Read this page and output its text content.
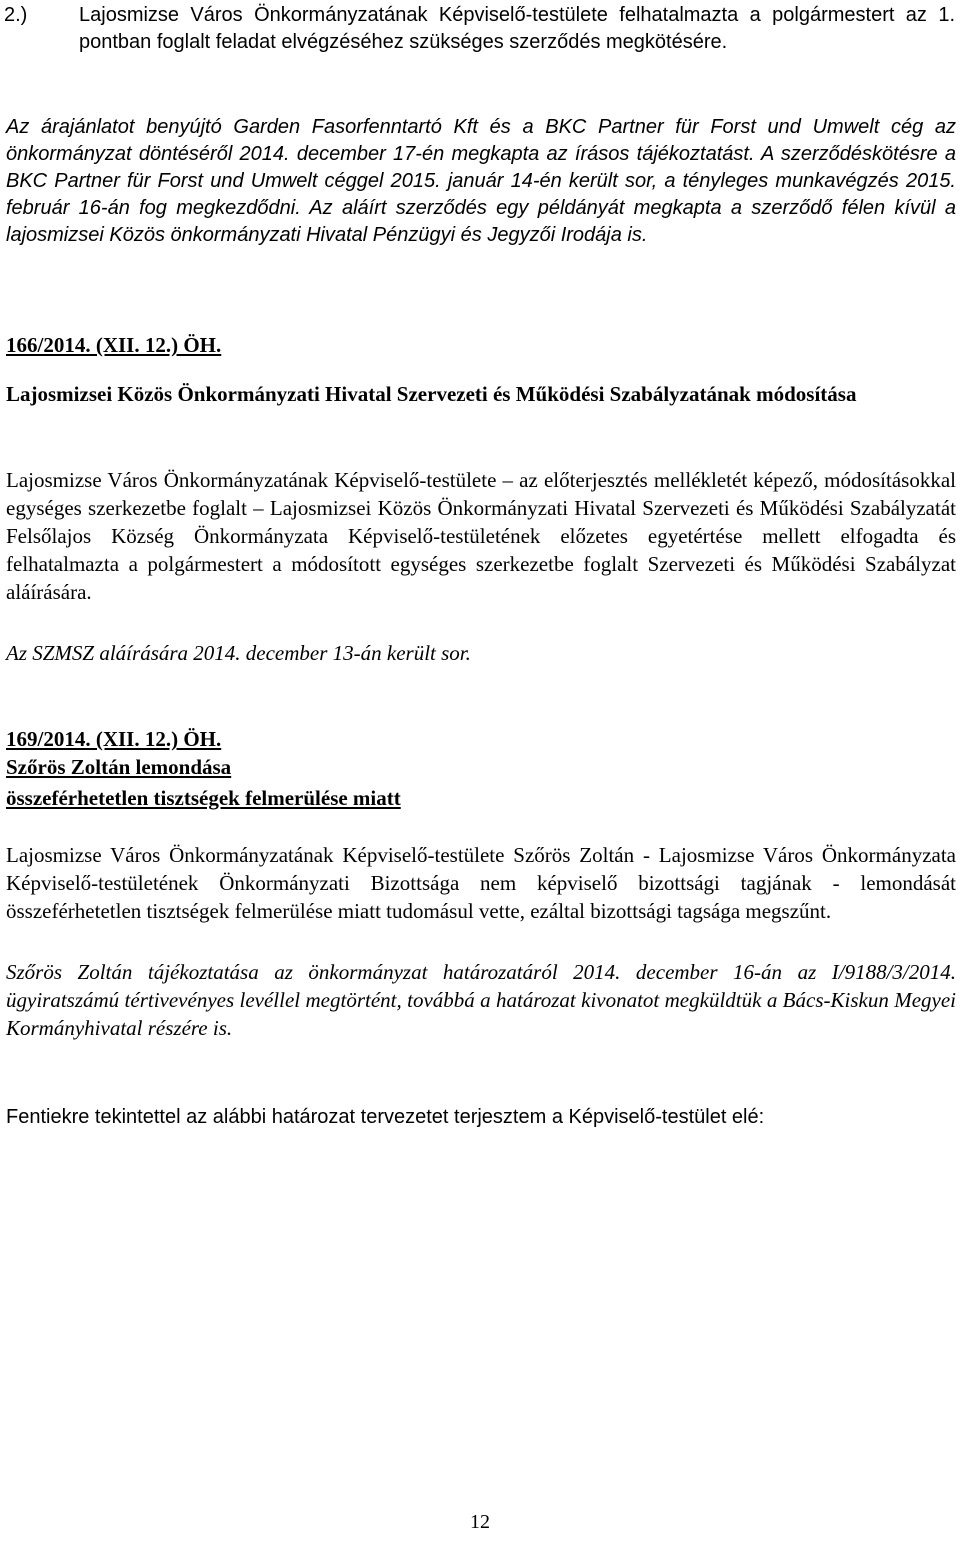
2.)	Lajosmizse Város Önkormányzatának Képviselő-testülete felhatalmazta a polgármestert az 1. pontban foglalt feladat elvégzéséhez szükséges szerződés megkötésére.
Az árajánlatot benyújtó Garden Fasorfenntartó Kft és a BKC Partner für Forst und Umwelt cég az önkormányzat döntéséről 2014. december 17-én megkapta az írásos tájékoztatást. A szerződéskötésre a BKC Partner für Forst und Umwelt céggel 2015. január 14-én került sor, a tényleges munkavégzés 2015. február 16-án fog megkezdődni. Az aláírt szerződés egy példányát megkapta a szerződő félen kívül a lajosmizsei Közös önkormányzati Hivatal Pénzügyi és Jegyzői Irodája is.
166/2014. (XII. 12.) ÖH.
Lajosmizsei Közös Önkormányzati Hivatal Szervezeti és Működési Szabályzatának módosítása
Lajosmizse Város Önkormányzatának Képviselő-testülete – az előterjesztés mellékletét képező, módosításokkal egységes szerkezetbe foglalt – Lajosmizsei Közös Önkormányzati Hivatal Szervezeti és Működési Szabályzatát Felsőlajos Község Önkormányzata Képviselő-testületének előzetes egyetértése mellett elfogadta és felhatalmazta a polgármestert a módosított egységes szerkezetbe foglalt Szervezeti és Működési Szabályzat aláírására.
Az SZMSZ aláírására 2014. december 13-án került sor.
169/2014. (XII. 12.) ÖH.
Szőrös Zoltán lemondása
összeférhetetlen tisztségek felmerülése miatt
Lajosmizse Város Önkormányzatának Képviselő-testülete Szőrös Zoltán - Lajosmizse Város Önkormányzata Képviselő-testületének Önkormányzati Bizottsága nem képviselő bizottsági tagjának - lemondását összeférhetetlen tisztségek felmerülése miatt tudomásul vette, ezáltal bizottsági tagsága megszűnt.
Szőrös Zoltán tájékoztatása az önkormányzat határozatáról 2014. december 16-án az I/9188/3/2014. ügyiratszámú tértivevényes levéllel megtörtént, továbbá a határozat kivonatot megküldtük a Bács-Kiskun Megyei Kormányhivatal részére is.
Fentiekre tekintettel az alábbi határozat tervezetet terjesztem a Képviselő-testület elé:
12
